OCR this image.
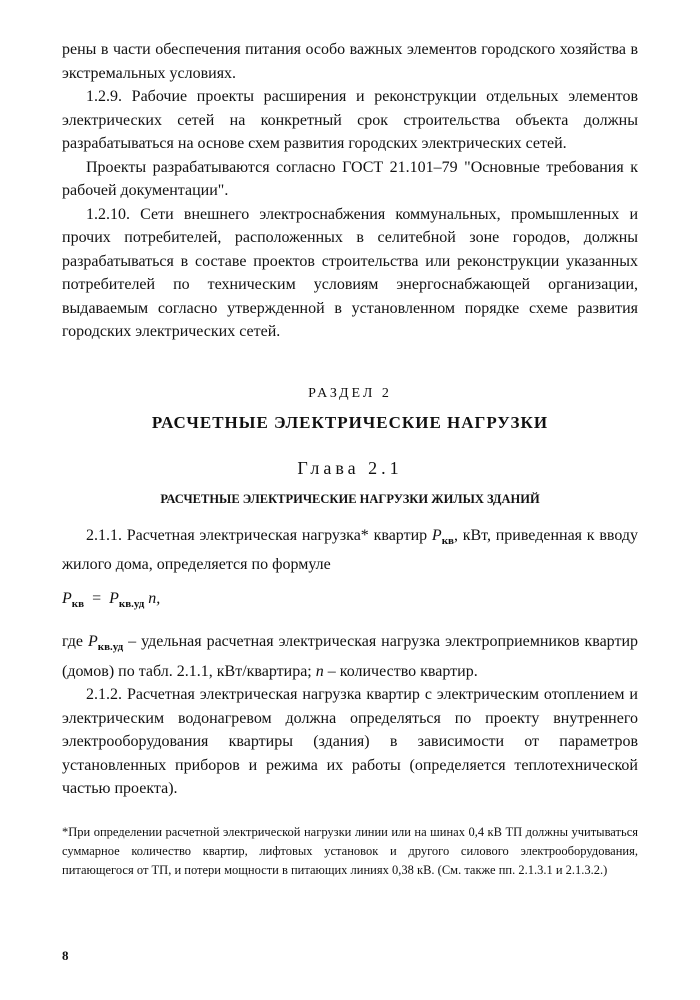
рены в части обеспечения питания особо важных элементов городского хозяйства в экстремальных условиях.

1.2.9. Рабочие проекты расширения и реконструкции отдельных элементов электрических сетей на конкретный срок строительства объекта должны разрабатываться на основе схем развития городских электрических сетей.

Проекты разрабатываются согласно ГОСТ 21.101–79 "Основные требования к рабочей документации".

1.2.10. Сети внешнего электроснабжения коммунальных, промышленных и прочих потребителей, расположенных в селитебной зоне городов, должны разрабатываться в составе проектов строительства или реконструкции указанных потребителей по техническим условиям энергоснабжающей организации, выдаваемым согласно утвержденной в установленном порядке схеме развития городских электрических сетей.

РАЗДЕЛ 2
РАСЧЕТНЫЕ ЭЛЕКТРИЧЕСКИЕ НАГРУЗКИ
Глава 2.1
РАСЧЕТНЫЕ ЭЛЕКТРИЧЕСКИЕ НАГРУЗКИ ЖИЛЫХ ЗДАНИЙ

2.1.1. Расчетная электрическая нагрузка* квартир $P_{кв}$, кВт, приведенная к вводу жилого дома, определяется по формуле

$P_{кв} = P_{кв.уд}$ n,

где $P_{кв.уд}$ – удельная расчетная электрическая нагрузка электроприемников квартир (домов) по табл. 2.1.1, кВт/квартира; n – количество квартир.

2.1.2. Расчетная электрическая нагрузка квартир с электрическим отоплением и электрическим водонагревом должна определяться по проекту внутреннего электрооборудования квартиры (здания) в зависимости от параметров установленных приборов и режима их работы (определяется теплотехнической частью проекта).

*При определении расчетной электрической нагрузки линии или на шинах 0,4 кВ ТП должны учитываться суммарное количество квартир, лифтовых установок и другого силового электрооборудования, питающегося от ТП, и потери мощности в питающих линиях 0,38 кВ. (См. также пп. 2.1.3.1 и 2.1.3.2.)

8
